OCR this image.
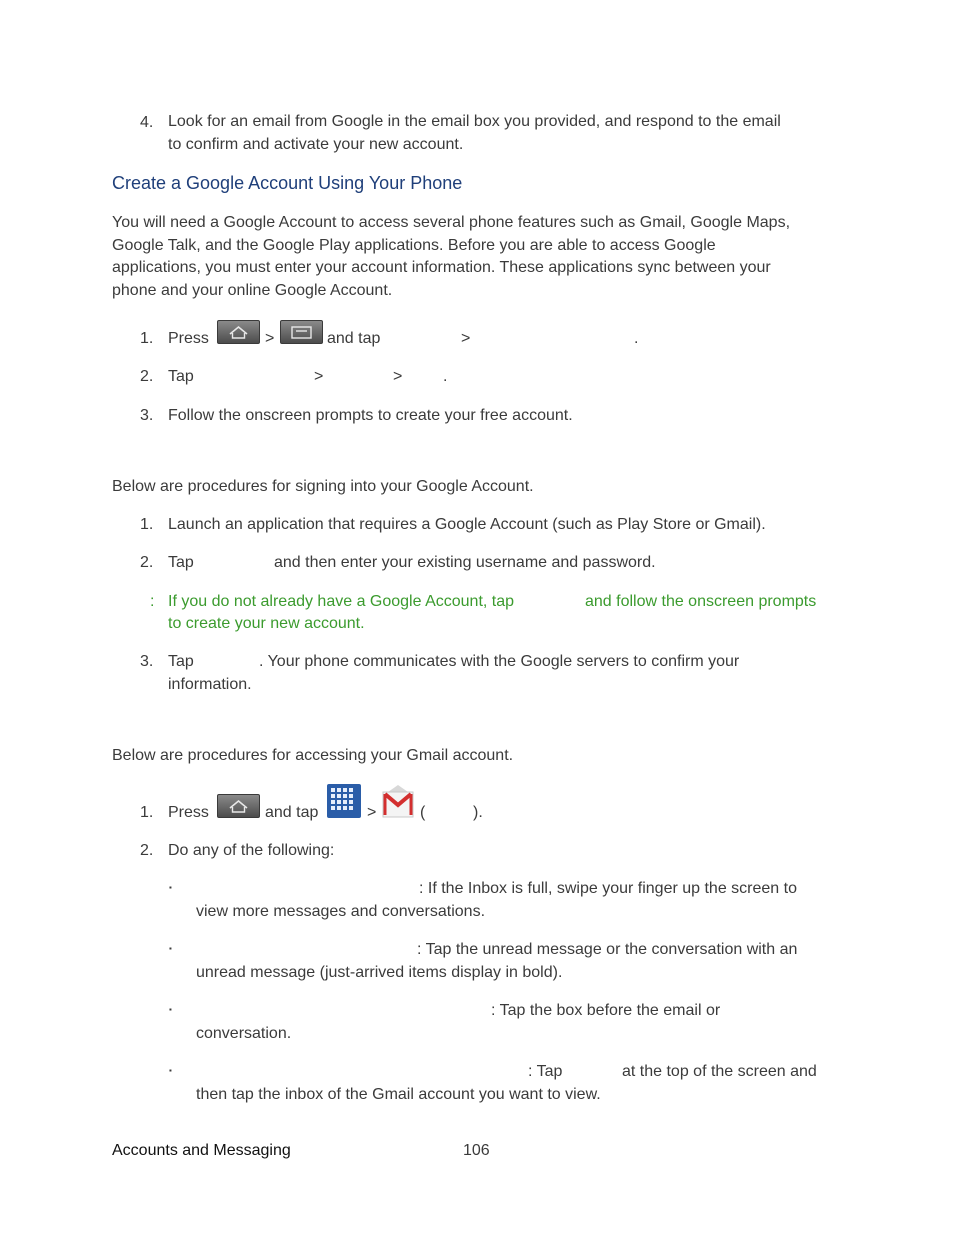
4. Look for an email from Google in the email box you provided, and respond to the email
to confirm and activate your new account.
Create a Google Account Using Your Phone
You will need a Google Account to access several phone features such as Gmail, Google Maps,
Google Talk, and the Google Play applications. Before you are able to access Google
applications, you must enter your account information. These applications sync between your
phone and your online Google Account.
1. Press	>	and tap	>	.
2. Tap	>	>	.
3. Follow the onscreen prompts to create your free account.
Below are procedures for signing into your Google Account.
1. Launch an application that requires a Google Account (such as Play Store or Gmail).
2. Tap	and then enter your existing username and password.
: If you do not already have a Google Account, tap	and follow the onscreen prompts
to create your new account.
3. Tap	. Your phone communicates with the Google servers to confirm your
information.
Below are procedures for accessing your Gmail account.
1. Press	and tap	>	(	).
2. Do any of the following:
▪	: If the Inbox is full, swipe your finger up the screen to
view more messages and conversations.
▪	: Tap the unread message or the conversation with an
unread message (just-arrived items display in bold).
▪	: Tap the box before the email or
conversation.
▪	: Tap	at the top of the screen and
then tap the inbox of the Gmail account you want to view.
Accounts and Messaging	106
